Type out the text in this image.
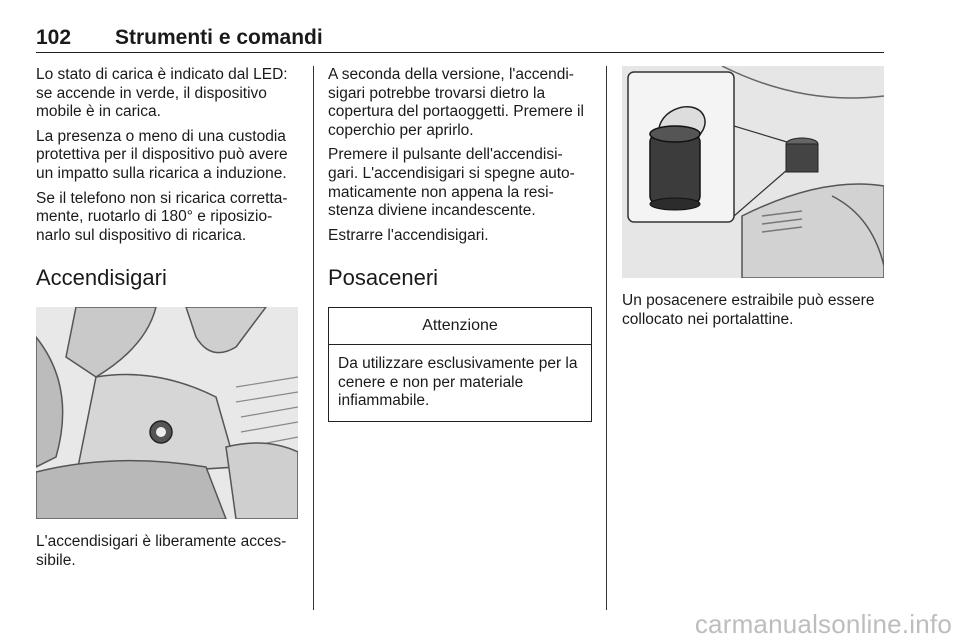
102 Strumenti e comandi

Lo stato di carica è indicato dal LED: se accende in verde, il dispositivo mobile è in carica.

La presenza o meno di una custodia protettiva per il dispositivo può avere un impatto sulla ricarica a induzione.

Se il telefono non si ricarica corretta-mente, ruotarlo di 180° e riposizio-narlo sul dispositivo di ricarica.

Accendisigari

L'accendisigari è liberamente acces-sibile.

A seconda della versione, l'accendi-sigari potrebbe trovarsi dietro la copertura del portaoggetti. Premere il coperchio per aprirlo.

Premere il pulsante dell'accendisi-gari. L'accendisigari si spegne auto-maticamente non appena la resi-stenza diviene incandescente.

Estrarre l'accendisigari.

Posaceneri
Attenzione
Da utilizzare esclusivamente per la cenere e non per materiale infiammabile.

Un posacenere estraibile può essere collocato nei portalattine.

carmanualsonline.info
